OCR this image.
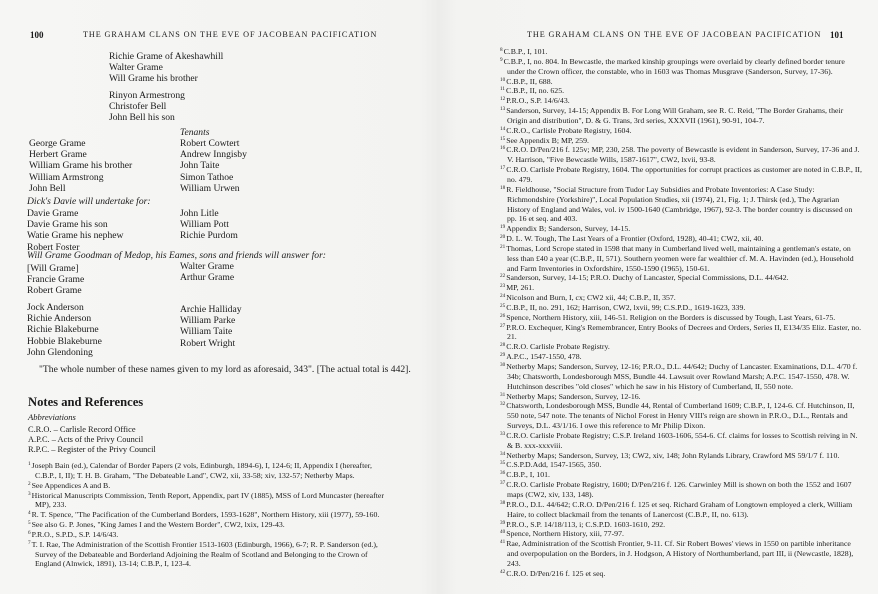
100	THE GRAHAM CLANS ON THE EVE OF JACOBEAN PACIFICATION
Richie Grame of Akeshawhill
Walter Grame
Will Grame his brother
Rinyon Armestrong
Christofer Bell
John Bell his son
Tenants
George Grame
Herbert Grame
William Grame his brother
William Armstrong
John Bell
Robert Cowtert
Andrew Inngisby
John Taite
Simon Tathoe
William Urwen
Dick's Davie will undertake for:
Davie Grame
Davie Grame his son
Watie Grame his nephew
Robert Foster
John Litle
William Pott
Richie Purdom
Will Grame Goodman of Medop, his Eames, sons and friends will answer for:
[Will Grame]
Francie Grame
Robert Grame
Walter Grame
Arthur Grame
Jock Anderson
Richie Anderson
Richie Blakeburne
Hobbie Blakeburne
John Glendoning
Archie Halliday
William Parke
William Taite
Robert Wright
"The whole number of these names given to my lord as aforesaid, 343". [The actual total is 442].
Notes and References
Abbreviations
C.R.O. – Carlisle Record Office
A.P.C. – Acts of the Privy Council
R.P.C. – Register of the Privy Council

$^1$Joseph Bain (ed.), Calendar of Border Papers (2 vols, Edinburgh, 1894-6), I, 124-6; II, Appendix I (hereafter, C.B.P., I, II); T. H. B. Graham, "The Debateable Land", CW2, xii, 33-58; xiv, 132-57; Netherby Maps.

$^2$See Appendices A and B.

$^3$Historical Manuscripts Commission, Tenth Report, Appendix, part IV (1885), MSS of Lord Muncaster (hereafter MP), 233.

$^4$R. T. Spence, "The Pacification of the Cumberland Borders, 1593-1628", Northern History, xiii (1977), 59-160.

$^5$See also G. P. Jones, "King James I and the Western Border", CW2, lxix, 129-43.

$^6$P.R.O., S.P.D., S.P. 14/6/43.

$^7$T. I. Rae, The Administration of the Scottish Frontier 1513-1603 (Edinburgh, 1966), 6-7; R. P. Sanderson (ed.), Survey of the Debateable and Borderland Adjoining the Realm of Scotland and Belonging to the Crown of England (Alnwick, 1891), 13-14; C.B.P., I, 123-4.

THE GRAHAM CLANS ON THE EVE OF JACOBEAN PACIFICATION 101

$^8$C.B.P., I, 101.

$^9$C.B.P., I, no. 804. In Bewcastle, the marked kinship groupings were overlaid by clearly defined border tenure under the Crown officer, the constable, who in 1603 was Thomas Musgrave (Sanderson, Survey, 17-36).

$^{10}$C.B.P., II, 688.

$^{11}$C.B.P., II, no. 625.

$^{12}$P.R.O., S.P. 14/6/43.

$^{13}$Sanderson, Survey, 14-15; Appendix B. For Long Will Graham, see R. C. Reid, "The Border Grahams, their Origin and distribution", D. & G. Trans, 3rd series, XXXVII (1961), 90-91, 104-7.

$^{14}$C.R.O., Carlisle Probate Registry, 1604.

$^{15}$See Appendix B; MP, 259.

$^{16}$C.R.O. D/Pen/216 f. 125v; MP, 230, 258. The poverty of Bewcastle is evident in Sanderson, Survey, 17-36 and J. V. Harrison, "Five Bewcastle Wills, 1587-1617", CW2, lxvii, 93-8.

$^{17}$C.R.O. Carlisle Probate Registry, 1604. The opportunities for corrupt practices as customer are noted in C.B.P., II, no. 479.

$^{18}$R. Fieldhouse, "Social Structure from Tudor Lay Subsidies and Probate Inventories: A Case Study: Richmondshire (Yorkshire)", Local Population Studies, xii (1974), 21, Fig. 1; J. Thirsk (ed.), The Agrarian History of England and Wales, vol. iv 1500-1640 (Cambridge, 1967), 92-3. The border country is discussed on pp. 16 et seq. and 403.

$^{19}$Appendix B; Sanderson, Survey, 14-15.

$^{20}$D. L. W. Tough, The Last Years of a Frontier (Oxford, 1928), 40-41; CW2, xii, 40.

$^{21}$Thomas, Lord Scrope stated in 1598 that many in Cumberland lived well, maintaining a gentleman's estate, on less than £40 a year (C.B.P., II, 571). Southern yeomen were far wealthier cf. M. A. Havinden (ed.), Household and Farm Inventories in Oxfordshire, 1550-1590 (1965), 150-61.

$^{22}$Sanderson, Survey, 14-15; P.R.O. Duchy of Lancaster, Special Commissions, D.L. 44/642.

$^{23}$MP, 261.

$^{24}$Nicolson and Burn, I, cx; CW2 xii, 44; C.B.P., II, 357.

$^{25}$C.B.P., II, no. 291, 162; Harrison, CW2, lxvii, 99; C.S.P.D., 1619-1623, 339.

$^{26}$Spence, Northern History, xiii, 146-51. Religion on the Borders is discussed by Tough, Last Years, 61-75.

$^{27}$P.R.O. Exchequer, King's Remembrancer, Entry Books of Decrees and Orders, Series II, E134/35 Eliz. Easter, no. 21.

$^{28}$C.R.O. Carlisle Probate Registry.

$^{29}$A.P.C., 1547-1550, 478.

$^{30}$Netherby Maps; Sanderson, Survey, 12-16; P.R.O., D.L. 44/642; Duchy of Lancaster. Examinations, D.L. 4/70 f. 34b; Chatsworth, Londesborough MSS, Bundle 44. Lawsuit over Rowland Marsh; A.P.C. 1547-1550, 478. W. Hutchinson describes "old closes" which he saw in his History of Cumberland, II, 550 note.

$^{31}$Netherby Maps; Sanderson, Survey, 12-16.

$^{32}$Chatsworth, Londesborough MSS, Bundle 44, Rental of Cumberland 1609; C.B.P., I, 124-6. Cf. Hutchinson, II, 550 note, 547 note. The tenants of Nichol Forest in Henry VIII's reign are shown in P.R.O., D.L., Rentals and Surveys, D.L. 43/1/16. I owe this reference to Mr Philip Dixon.

$^{33}$C.R.O. Carlisle Probate Registry; C.S.P. Ireland 1603-1606, 554-6. Cf. claims for losses to Scottish reiving in N. & B. xxx-xxxviii.

$^{34}$Netherby Maps; Sanderson, Survey, 13; CW2, xiv, 148; John Rylands Library, Crawford MS 59/1/7 f. 110.

$^{35}$C.S.P.D.Add, 1547-1565, 350.

$^{36}$C.B.P., I, 101.

$^{37}$C.R.O. Carlisle Probate Registry, 1600; D/Pen/216 f. 126. Carwinley Mill is shown on both the 1552 and 1607 maps (CW2, xiv, 133, 148).

$^{38}$P.R.O., D.L. 44/642; C.R.O. D/Pen/216 f. 125 et seq. Richard Graham of Longtown employed a clerk, William Haire, to collect blackmail from the tenants of Lanercost (C.B.P., II, no. 613).

$^{39}$P.R.O., S.P. 14/18/113, i; C.S.P.D. 1603-1610, 292.

$^{40}$Spence, Northern History, xiii, 77-97.

$^{41}$Rae, Administration of the Scottish Frontier, 9-11. Cf. Sir Robert Bowes' views in 1550 on partible inheritance and overpopulation on the Borders, in J. Hodgson, A History of Northumberland, part III, ii (Newcastle, 1828), 243.

$^{42}$C.R.O. D/Pen/216 f. 125 et seq.
